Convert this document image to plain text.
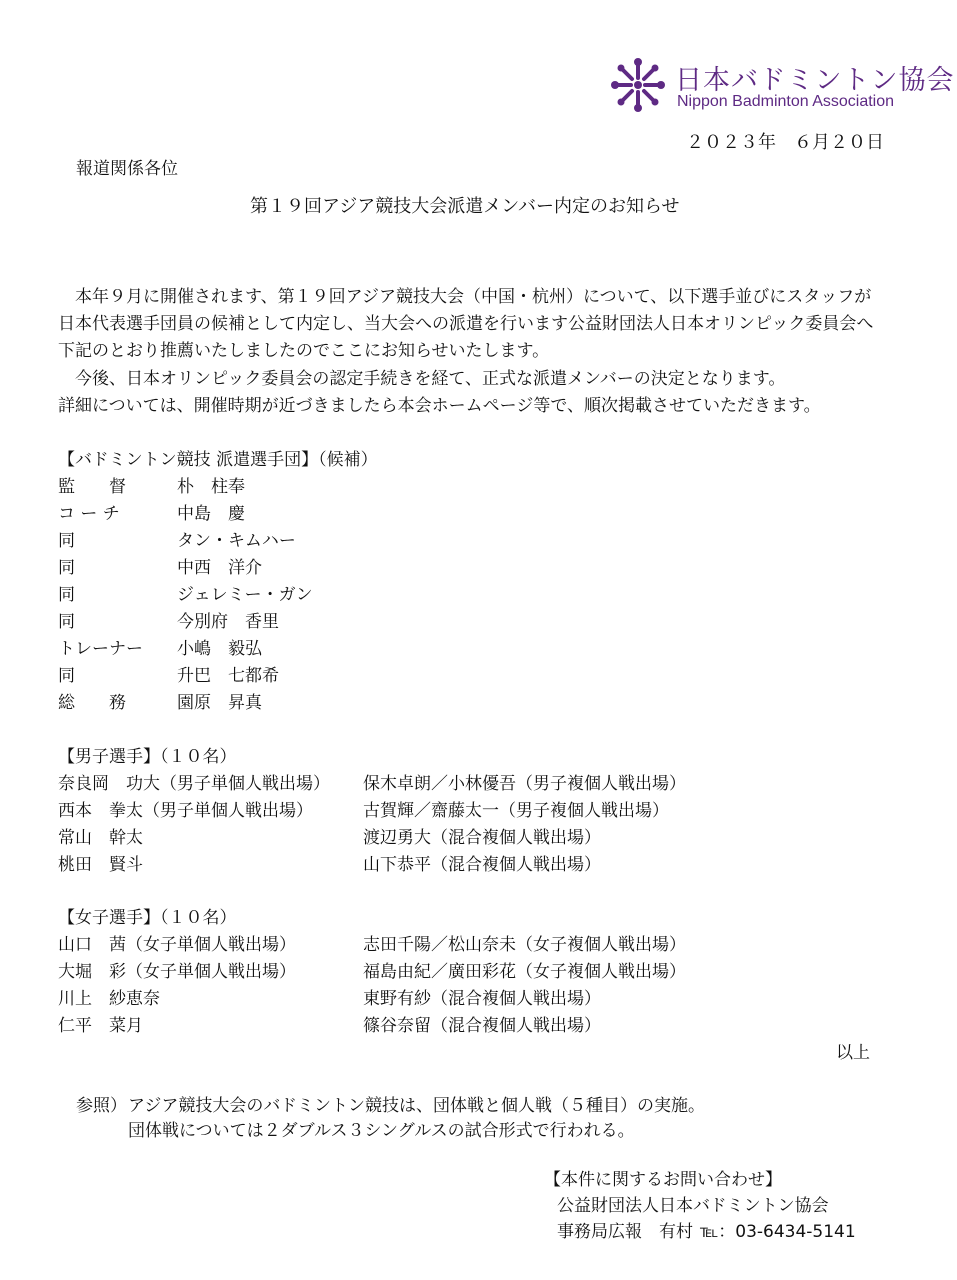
日本バドミントン協会
Nippon Badminton Association
２０２３年　６月２０日
報道関係各位
第１９回アジア競技大会派遣メンバー内定のお知らせ
　本年９月に開催されます、第１９回アジア競技大会（中国・杭州）について、以下選手並びにスタッフが
日本代表選手団員の候補として内定し、当大会への派遣を行います公益財団法人日本オリンピック委員会へ
下記のとおり推薦いたしましたのでここにお知らせいたします。
　今後、日本オリンピック委員会の認定手続きを経て、正式な派遣メンバーの決定となります。
詳細については、開催時期が近づきましたら本会ホームページ等で、順次掲載させていただきます。
【バドミントン競技 派遣選手団】（候補）
監　　督	朴　柱奉
コ ー チ	中島　慶
同	タン・キムハー
同	中西　洋介
同	ジェレミー・ガン
同	今別府　香里
トレーナー 小嶋　毅弘
同	升巴　七都希
総　　務	園原　昇真
【男子選手】（１０名）
奈良岡　功大（男子単個人戦出場） 保木卓朗／小林優吾（男子複個人戦出場）
西本　拳太（男子単個人戦出場）	古賀輝／齋藤太一（男子複個人戦出場）
常山　幹太	渡辺勇大（混合複個人戦出場）
桃田　賢斗	山下恭平（混合複個人戦出場）
【女子選手】（１０名）
山口　茜（女子単個人戦出場）	志田千陽／松山奈未（女子複個人戦出場）
大堀　彩（女子単個人戦出場）	福島由紀／廣田彩花（女子複個人戦出場）
川上　紗恵奈	東野有紗（混合複個人戦出場）
仁平　菜月	篠谷奈留（混合複個人戦出場）
以上
参照） アジア競技大会のバドミントン競技は、団体戦と個人戦（５種目）の実施。
団体戦については２ダブルス３シングルスの試合形式で行われる。
【本件に関するお問い合わせ】
公益財団法人日本バドミントン協会
事務局広報　有村 ℡：03-6434-5141
